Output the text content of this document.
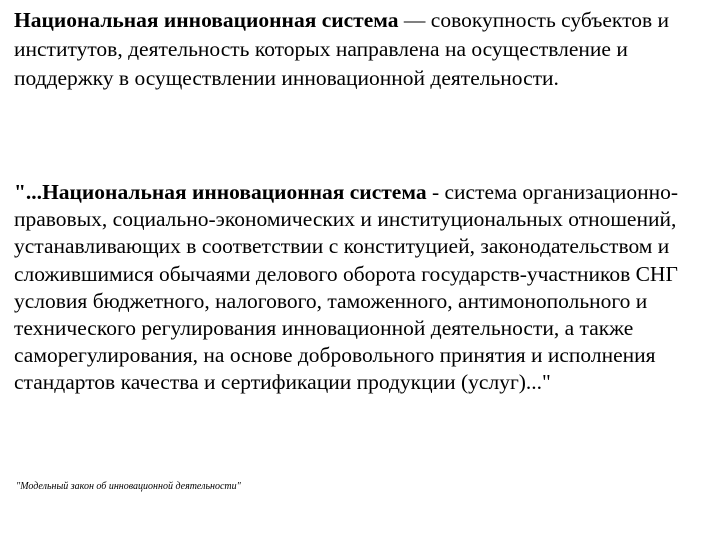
Национальная инновационная система — совокупность субъектов и институтов, деятельность которых направлена на осуществление и поддержку в осуществлении инновационной деятельности.

"...Национальная инновационная система - система организационно-правовых, социально-экономических и институциональных отношений, устанавливающих в соответствии с конституцией, законодательством и сложившимися обычаями делового оборота государств-участников СНГ условия бюджетного, налогового, таможенного, антимонопольного и технического регулирования инновационной деятельности, а также саморегулирования, на основе добровольного принятия и исполнения стандартов качества и сертификации продукции (услуг)..."

"Модельный закон об инновационной деятельности"
